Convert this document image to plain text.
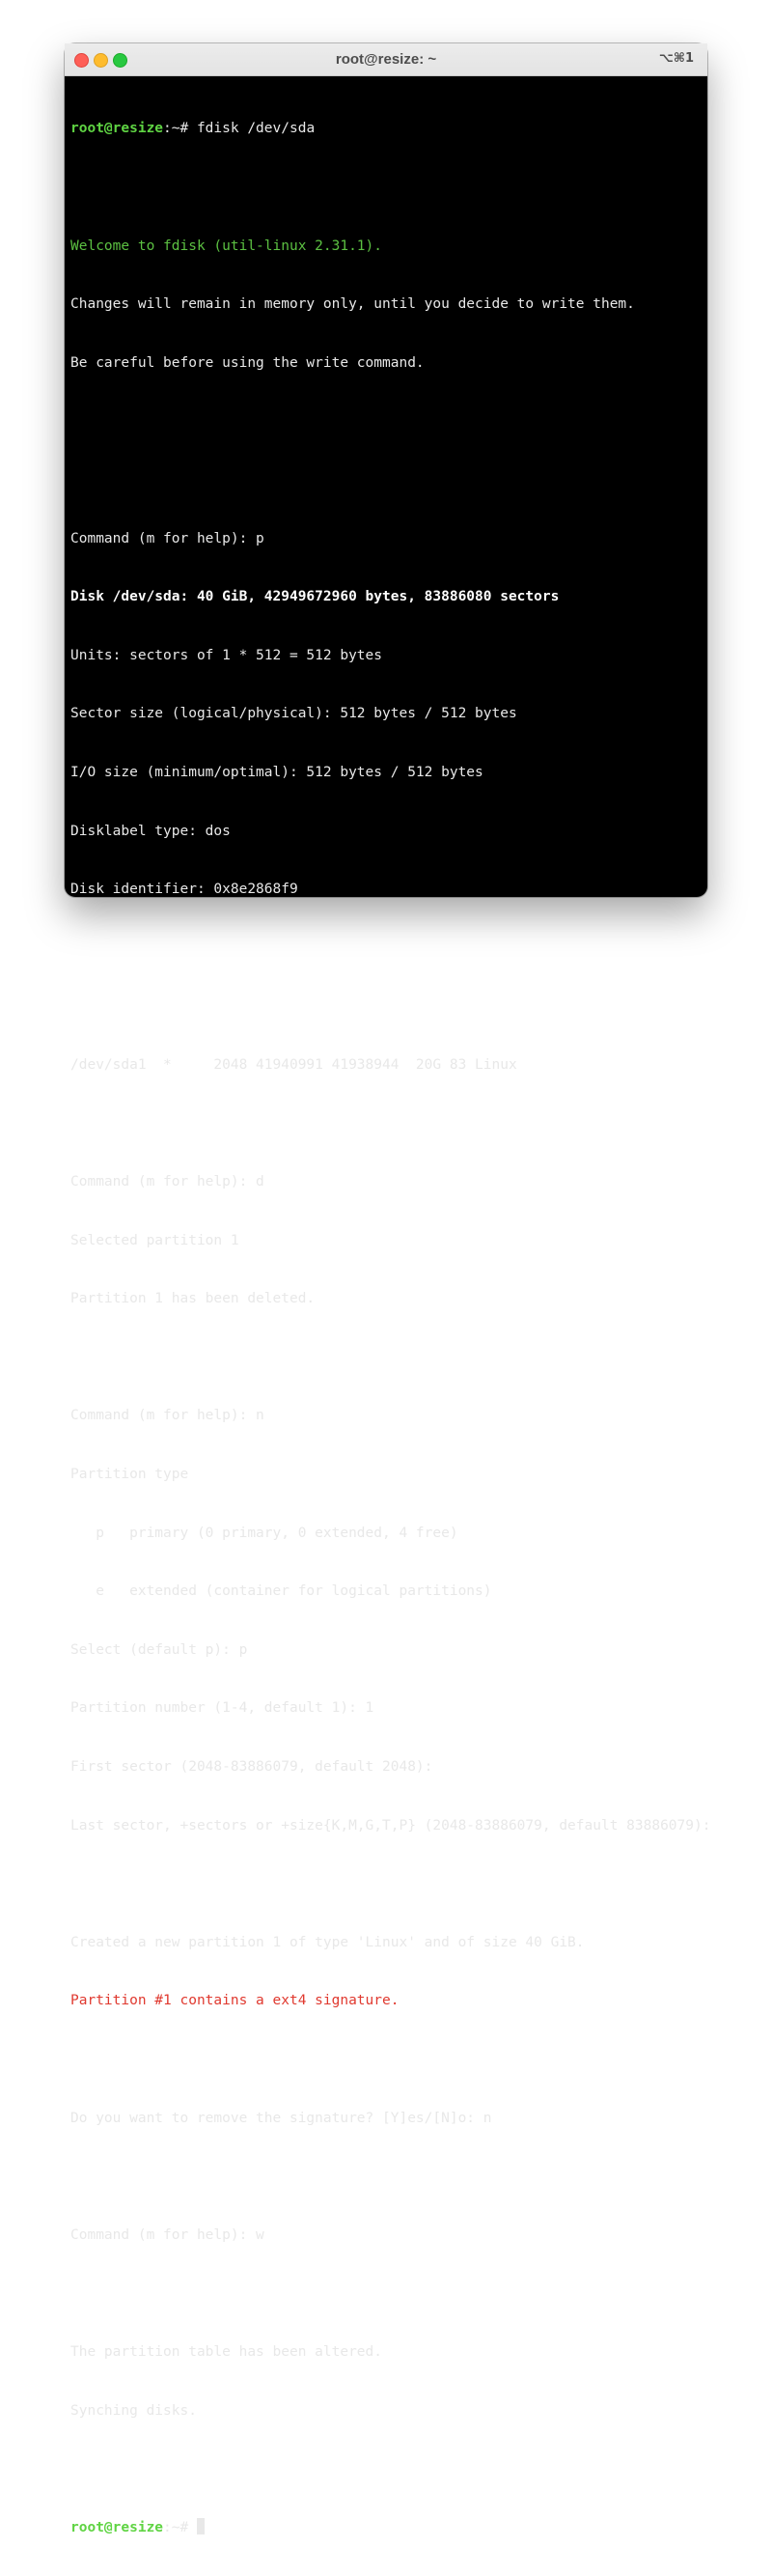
root@resize: ~	⌥⌘1

root@resize:~# fdisk /dev/sda

Welcome to fdisk (util-linux 2.31.1).

Changes will remain in memory only, until you decide to write them.

Be careful before using the write command.

Command (m for help): p

Disk /dev/sda: 40 GiB, 42949672960 bytes, 83886080 sectors

Units: sectors of 1 * 512 = 512 bytes

Sector size (logical/physical): 512 bytes / 512 bytes

I/O size (minimum/optimal): 512 bytes / 512 bytes

Disklabel type: dos

Disk identifier: 0x8e2868f9

Device     Boot Start      End  Sectors Size Id Type

/dev/sda1  *     2048 41940991 41938944  20G 83 Linux

Command (m for help): d

Selected partition 1

Partition 1 has been deleted.

Command (m for help): n

Partition type

p   primary (0 primary, 0 extended, 4 free)

e   extended (container for logical partitions)

Select (default p): p

Partition number (1-4, default 1): 1

First sector (2048-83886079, default 2048):

Last sector, +sectors or +size{K,M,G,T,P} (2048-83886079, default 83886079):

Created a new partition 1 of type 'Linux' and of size 40 GiB.

Partition #1 contains a ext4 signature.

Do you want to remove the signature? [Y]es/[N]o: n

Command (m for help): w

The partition table has been altered.

Synching disks.

root@resize:~#
